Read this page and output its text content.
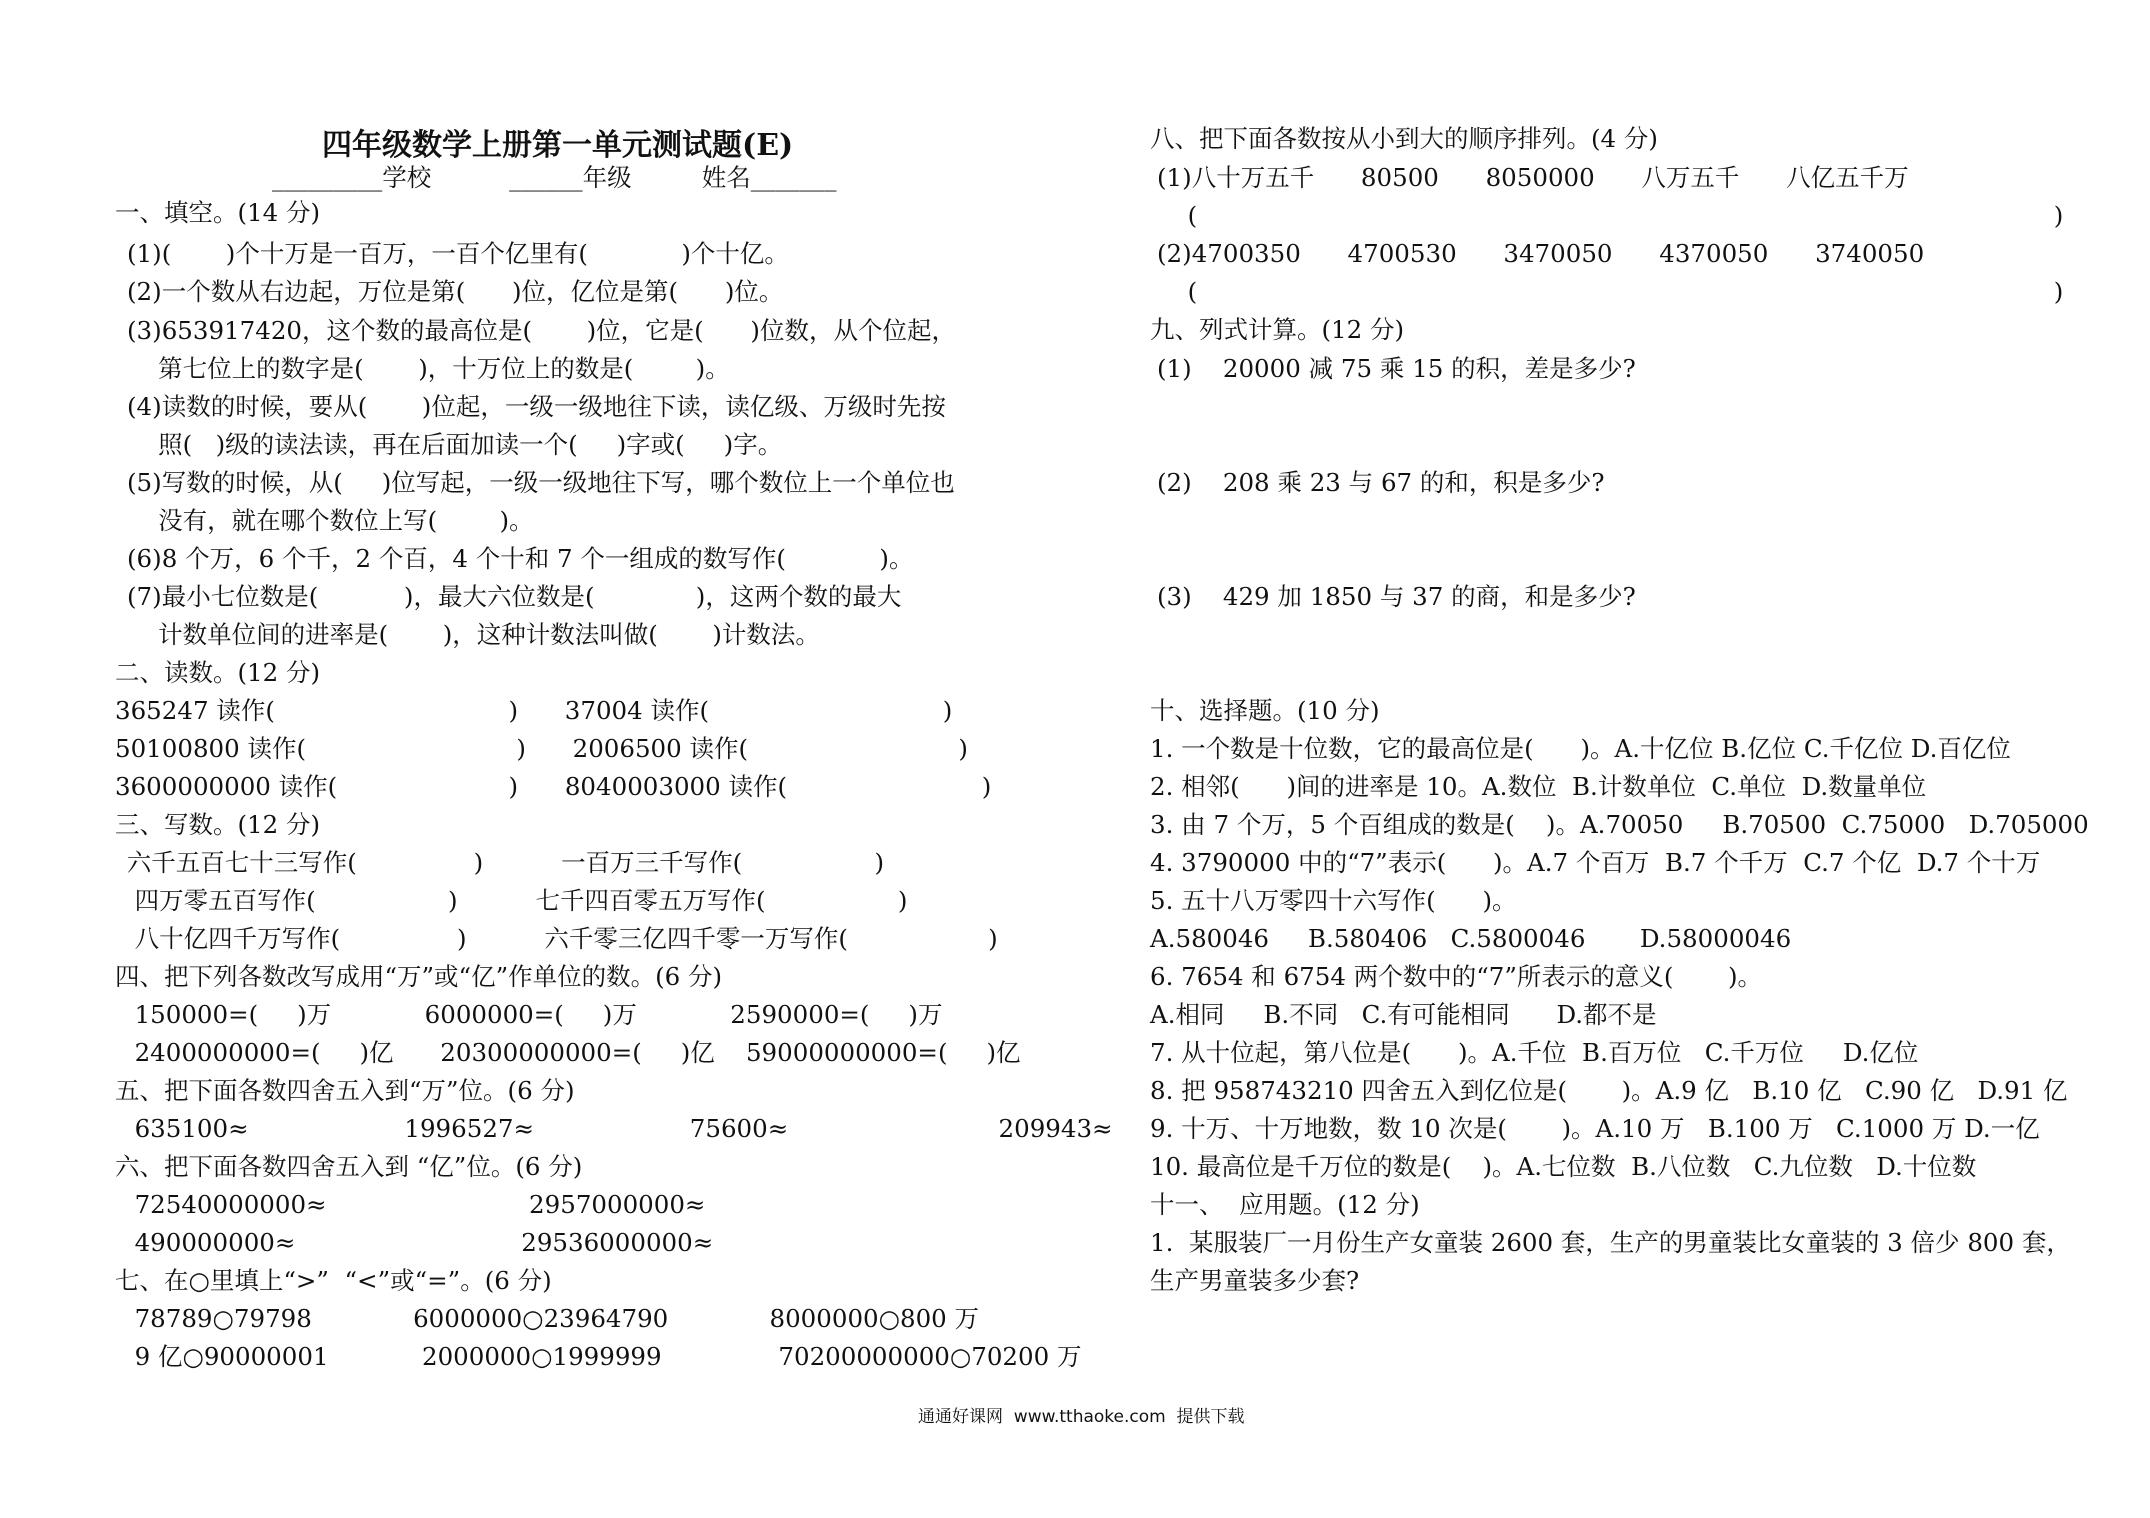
四年级数学上册第一单元测试题(E)
_________学校          ______年级         姓名_______
一、填空。(14 分)
(1)(       )个十万是一百万，一百个亿里有(            )个十亿。
(2)一个数从右边起，万位是第(      )位，亿位是第(      )位。
(3)653917420，这个数的最高位是(       )位，它是(      )位数，从个位起，
第七位上的数字是(       )，十万位上的数是(        )。
(4)读数的时候，要从(       )位起，一级一级地往下读，读亿级、万级时先按
照(   )级的读法读，再在后面加读一个(     )字或(     )字。
(5)写数的时候，从(     )位写起，一级一级地往下写，哪个数位上一个单位也
没有，就在哪个数位上写(        )。
(6)8 个万，6 个千，2 个百，4 个十和 7 个一组成的数写作(            )。
(7)最小七位数是(           )，最大六位数是(             )，这两个数的最大
计数单位间的进率是(       )，这种计数法叫做(       )计数法。
二、读数。(12 分)
365247 读作(                              )      37004 读作(                              )
50100800 读作(                           )      2006500 读作(                           )
3600000000 读作(                      )      8040003000 读作(                         )
三、写数。(12 分)
六千五百七十三写作(               )          一百万三千写作(                 )
四万零五百写作(                 )          七千四百零五万写作(                 )
八十亿四千万写作(               )          六千零三亿四千零一万写作(                  )
四、把下列各数改写成用“万”或“亿”作单位的数。(6 分)
150000=(     )万            6000000=(     )万            2590000=(     )万
2400000000=(     )亿      20300000000=(     )亿    59000000000=(     )亿
五、把下面各数四舍五入到“万”位。(6 分)
635100≈                    1996527≈                    75600≈                           209943≈
六、把下面各数四舍五入到 “亿”位。(6 分)
72540000000≈                          2957000000≈
490000000≈                             29536000000≈
七、在○里填上“>”  “<”或“=”。(6 分)
78789○79798             6000000○23964790             8000000○800 万
9 亿○90000001            2000000○1999999               70200000000○70200 万
八、把下面各数按从小到大的顺序排列。(4 分)
(1)八十万五千      80500      8050000      八万五千      八亿五千万
(                                                                                                              )
(2)4700350      4700530      3470050      4370050      3740050
(                                                                                                              )
九、列式计算。(12 分)
(1)    20000 减 75 乘 15 的积，差是多少?
(2)    208 乘 23 与 67 的和，积是多少?
(3)    429 加 1850 与 37 的商，和是多少?
十、选择题。(10 分)
1. 一个数是十位数，它的最高位是(      )。A.十亿位 B.亿位 C.千亿位 D.百亿位
2. 相邻(      )间的进率是 10。A.数位  B.计数单位  C.单位  D.数量单位
3. 由 7 个万，5 个百组成的数是(    )。A.70050     B.70500  C.75000   D.705000
4. 3790000 中的“7”表示(      )。A.7 个百万  B.7 个千万  C.7 个亿  D.7 个十万
5. 五十八万零四十六写作(      )。
A.580046     B.580406   C.5800046       D.58000046
6. 7654 和 6754 两个数中的“7”所表示的意义(       )。
A.相同     B.不同   C.有可能相同      D.都不是
7. 从十位起，第八位是(      )。A.千位  B.百万位   C.千万位     D.亿位
8. 把 958743210 四舍五入到亿位是(       )。A.9 亿   B.10 亿   C.90 亿   D.91 亿
9. 十万、十万地数，数 10 次是(       )。A.10 万   B.100 万   C.1000 万 D.一亿
10. 最高位是千万位的数是(    )。A.七位数  B.八位数   C.九位数   D.十位数
十一、  应用题。(12 分)
1.  某服装厂一月份生产女童装 2600 套，生产的男童装比女童装的 3 倍少 800 套，
生产男童装多少套?
通通好课网  www.tthaoke.com  提供下载
